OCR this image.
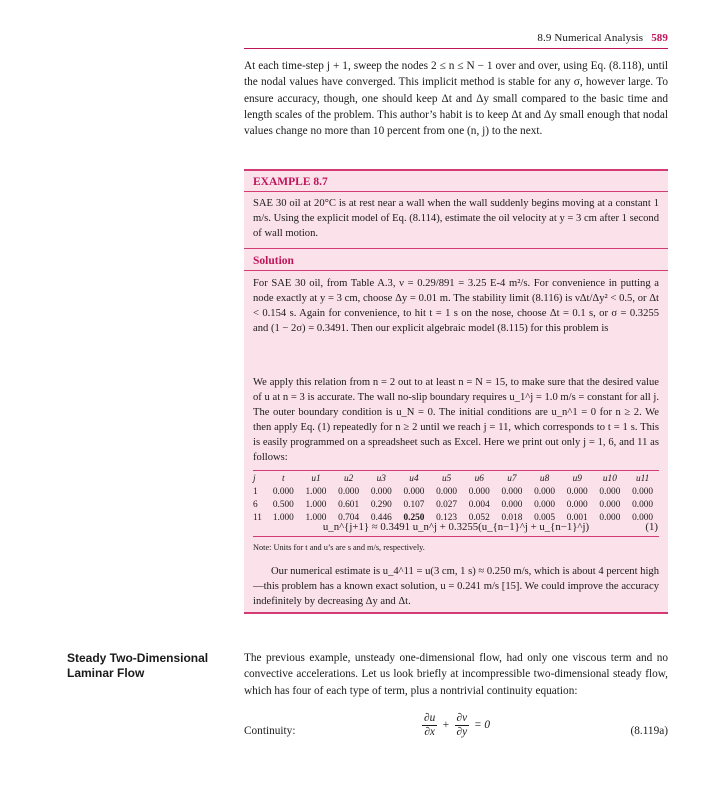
8.9 Numerical Analysis 589
At each time-step j + 1, sweep the nodes 2 ≤ n ≤ N − 1 over and over, using Eq. (8.118), until the nodal values have converged. This implicit method is stable for any σ, however large. To ensure accuracy, though, one should keep Δt and Δy small compared to the basic time and length scales of the problem. This author’s habit is to keep Δt and Δy small enough that nodal values change no more than 10 percent from one (n, j) to the next.
EXAMPLE 8.7
SAE 30 oil at 20°C is at rest near a wall when the wall suddenly begins moving at a constant 1 m/s. Using the explicit model of Eq. (8.114), estimate the oil velocity at y = 3 cm after 1 second of wall motion.
Solution
For SAE 30 oil, from Table A.3, ν = 0.29/891 = 3.25 E-4 m²/s. For convenience in putting a node exactly at y = 3 cm, choose Δy = 0.01 m. The stability limit (8.116) is νΔt/Δy² < 0.5, or Δt < 0.154 s. Again for convenience, to hit t = 1 s on the nose, choose Δt = 0.1 s, or σ = 0.3255 and (1 − 2σ) = 0.3491. Then our explicit algebraic model (8.115) for this problem is
u_n^{j+1} ≈ 0.3491 u_n^j + 0.3255(u_{n−1}^j + u_{n−1}^j)	(1)
We apply this relation from n = 2 out to at least n = N = 15, to make sure that the desired value of u at n = 3 is accurate. The wall no-slip boundary requires u_1^j = 1.0 m/s = constant for all j. The outer boundary condition is u_N = 0. The initial conditions are u_n^1 = 0 for n ≥ 2. We then apply Eq. (1) repeatedly for n ≥ 2 until we reach j = 11, which corresponds to t = 1 s. This is easily programmed on a spreadsheet such as Excel. Here we print out only j = 1, 6, and 11 as follows:
j	t	u1	u2	u3	u4	u5	u6	u7	u8	u9	u10	u11
1	0.000	1.000	0.000	0.000	0.000	0.000	0.000	0.000	0.000	0.000	0.000	0.000
6	0.500	1.000	0.601	0.290	0.107	0.027	0.004	0.000	0.000	0.000	0.000	0.000
11	1.000	1.000	0.704	0.446	0.250	0.123	0.052	0.018	0.005	0.001	0.000	0.000
Note: Units for t and u’s are s and m/s, respectively.
Our numerical estimate is u_4^11 = u(3 cm, 1 s) ≈ 0.250 m/s, which is about 4 percent high—this problem has a known exact solution, u = 0.241 m/s [15]. We could improve the accuracy indefinitely by decreasing Δy and Δt.
Steady Two-Dimensional
Laminar Flow
The previous example, unsteady one-dimensional flow, had only one viscous term and no convective accelerations. Let us look briefly at incompressible two-dimensional steady flow, which has four of each type of term, plus a nontrivial continuity equation:
Continuity:	$\frac{\partial u}{\partial x} + \frac{\partial v}{\partial y} = 0$	(8.119a)
